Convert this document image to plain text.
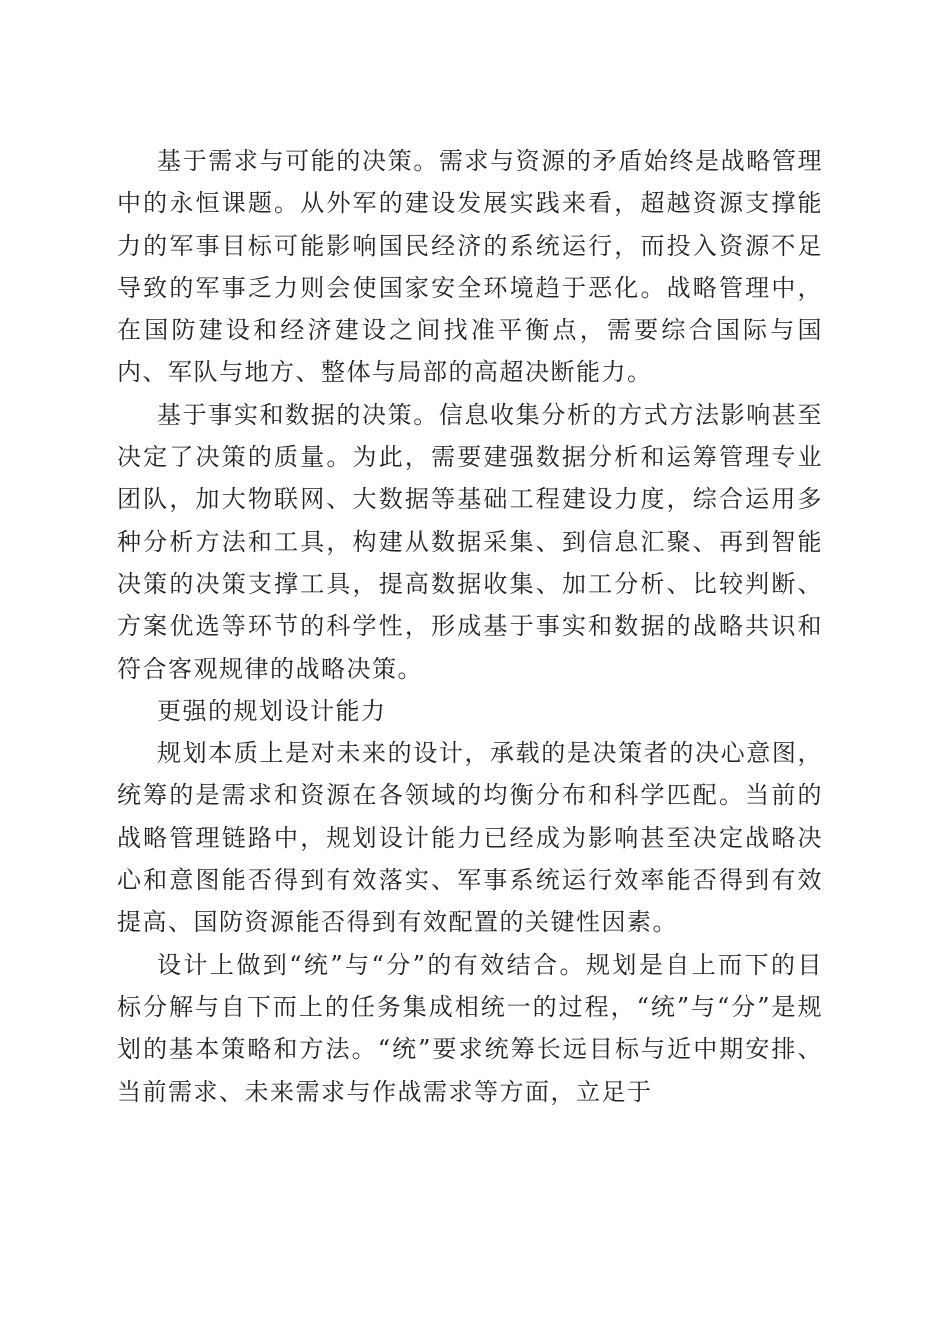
基于需求与可能的决策。需求与资源的矛盾始终是战略管理中的永恒课题。从外军的建设发展实践来看，超越资源支撑能力的军事目标可能影响国民经济的系统运行，而投入资源不足导致的军事乏力则会使国家安全环境趋于恶化。战略管理中，在国防建设和经济建设之间找准平衡点，需要综合国际与国内、军队与地方、整体与局部的高超决断能力。

基于事实和数据的决策。信息收集分析的方式方法影响甚至决定了决策的质量。为此，需要建强数据分析和运筹管理专业团队，加大物联网、大数据等基础工程建设力度，综合运用多种分析方法和工具，构建从数据采集、到信息汇聚、再到智能决策的决策支撑工具，提高数据收集、加工分析、比较判断、方案优选等环节的科学性，形成基于事实和数据的战略共识和符合客观规律的战略决策。

更强的规划设计能力

规划本质上是对未来的设计，承载的是决策者的决心意图，统筹的是需求和资源在各领域的均衡分布和科学匹配。当前的战略管理链路中，规划设计能力已经成为影响甚至决定战略决心和意图能否得到有效落实、军事系统运行效率能否得到有效提高、国防资源能否得到有效配置的关键性因素。

设计上做到“统”与“分”的有效结合。规划是自上而下的目标分解与自下而上的任务集成相统一的过程，“统”与“分”是规划的基本策略和方法。“统”要求统筹长远目标与近中期安排、当前需求、未来需求与作战需求等方面，立足于
